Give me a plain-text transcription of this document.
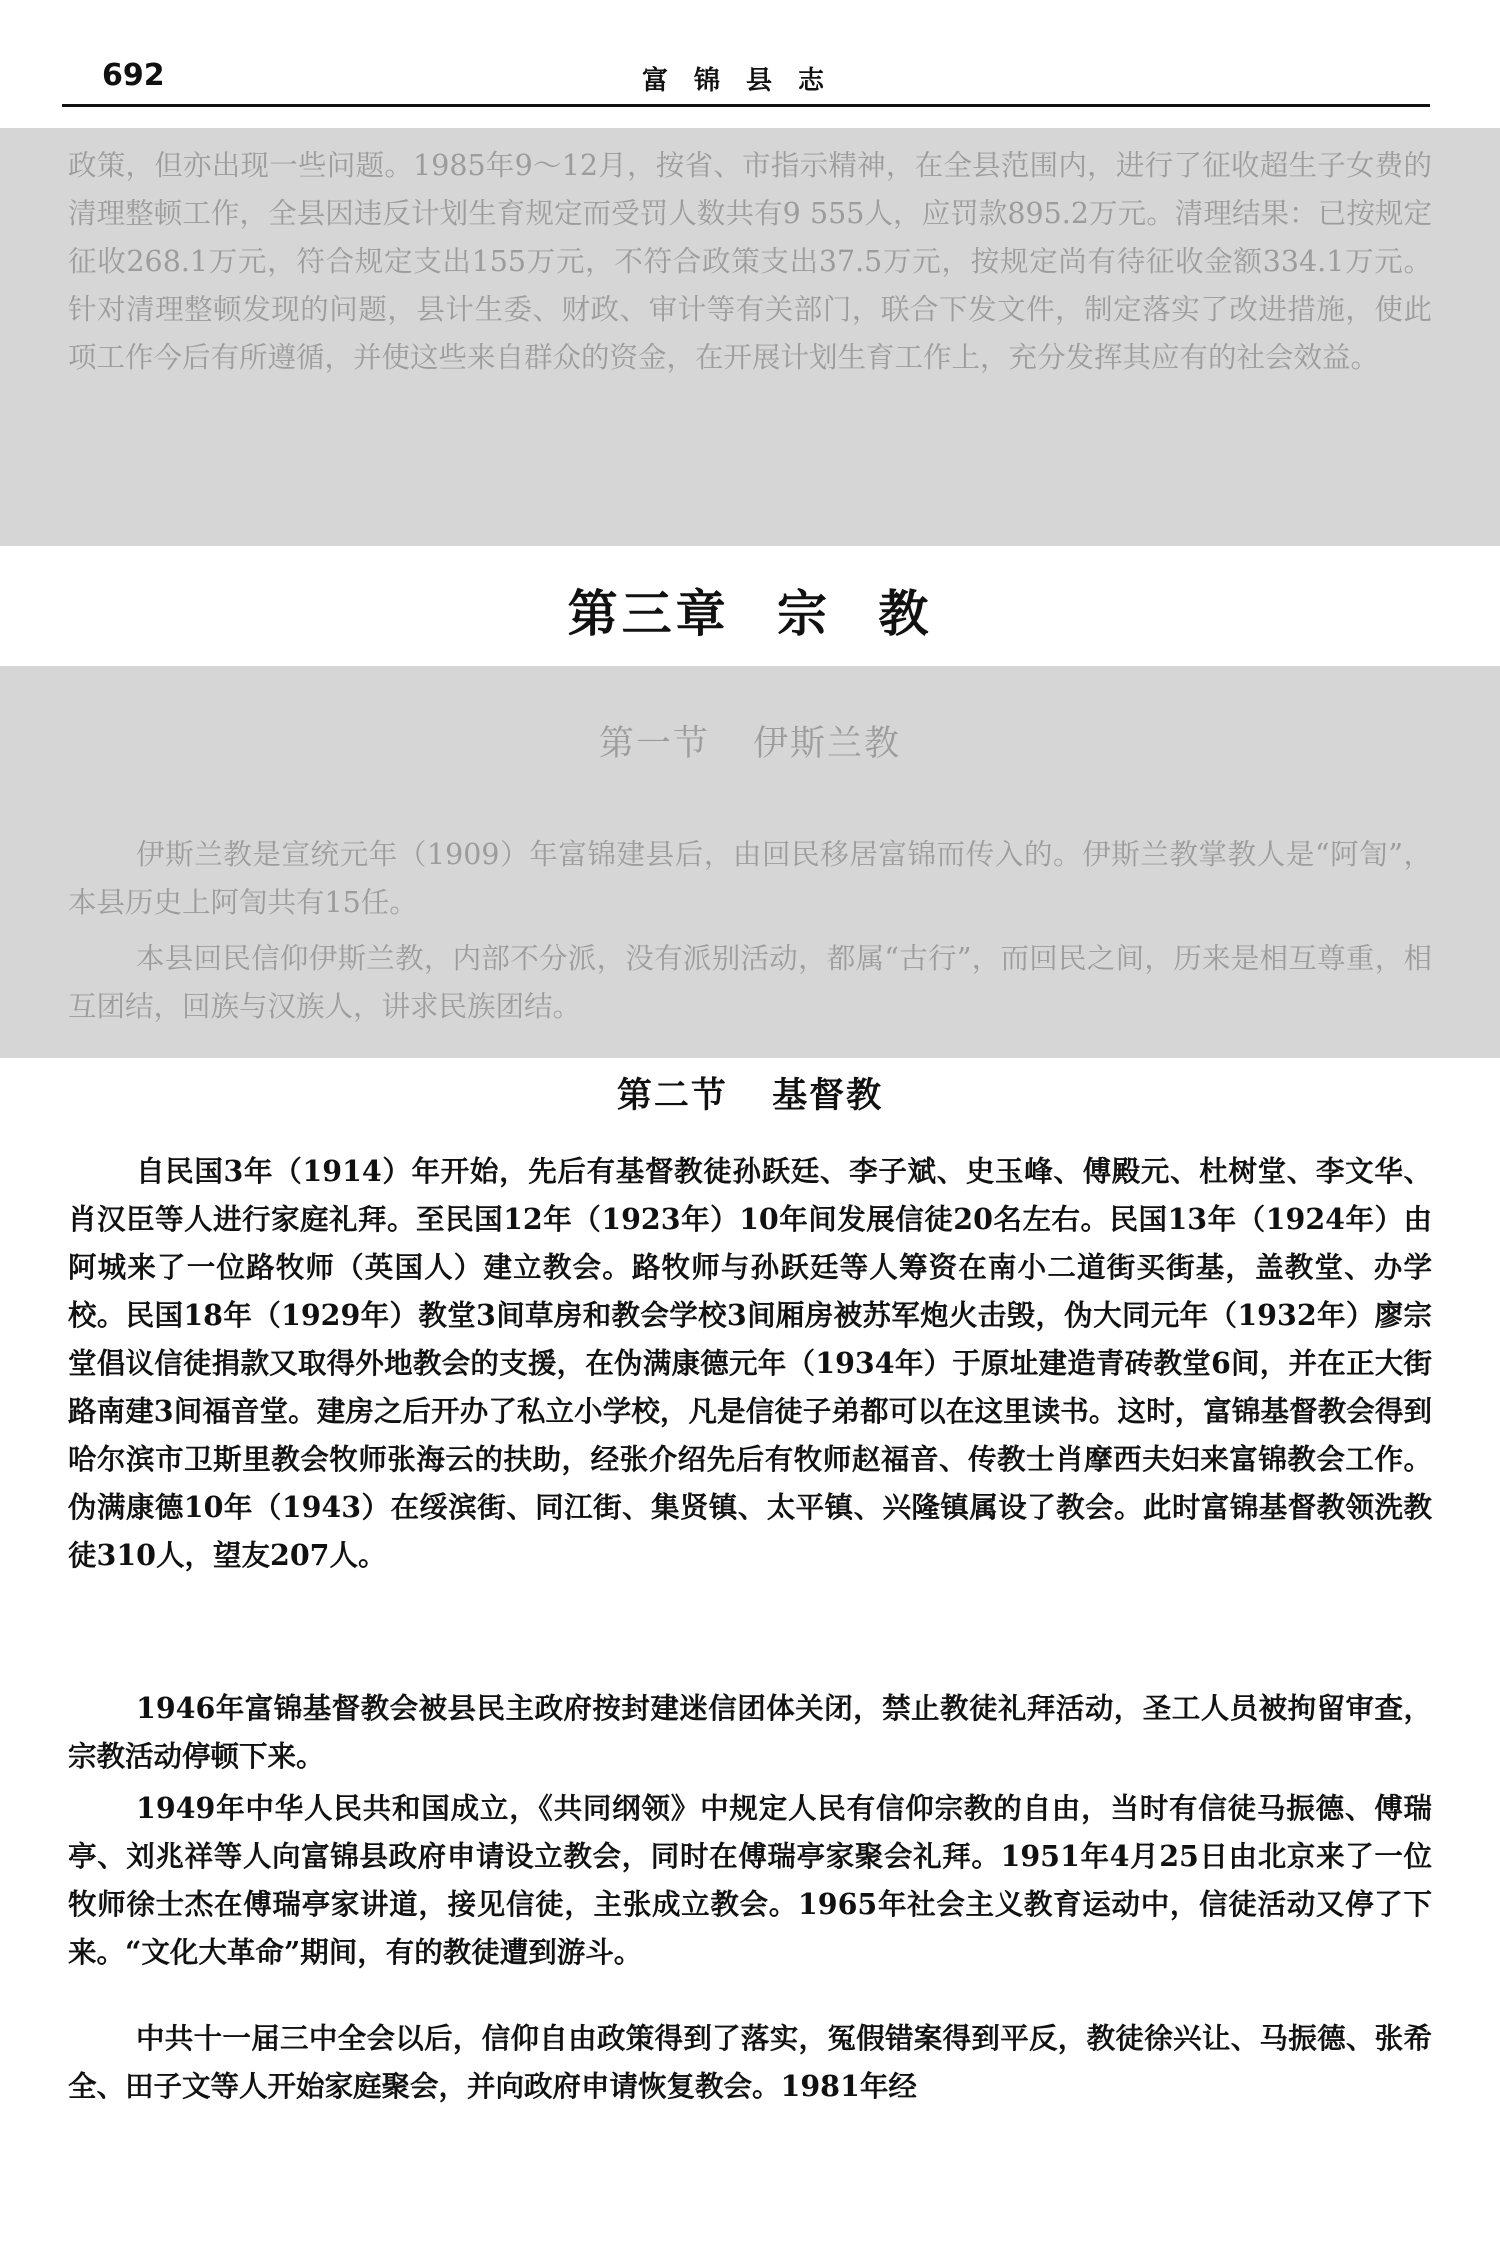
692	富锦县志

政策，但亦出现一些问题。1985年9～12月，按省、市指示精神，在全县范围内，进行了征收超生子女费的清理整顿工作，全县因违反计划生育规定而受罚人数共有9 555人，应罚款895.2万元。清理结果：已按规定征收268.1万元，符合规定支出155万元，不符合政策支出37.5万元，按规定尚有待征收金额334.1万元。针对清理整顿发现的问题，县计生委、财政、审计等有关部门，联合下发文件，制定落实了改进措施，使此项工作今后有所遵循，并使这些来自群众的资金，在开展计划生育工作上，充分发挥其应有的社会效益。

第三章 宗 教
第一节 伊斯兰教

伊斯兰教是宣统元年（1909）年富锦建县后，由回民移居富锦而传入的。伊斯兰教掌教人是“阿訇”，本县历史上阿訇共有15任。

本县回民信仰伊斯兰教，内部不分派，没有派别活动，都属“古行”，而回民之间，历来是相互尊重，相互团结，回族与汉族人，讲求民族团结。

第二节 基督教

自民国3年（1914）年开始，先后有基督教徒孙跃廷、李子斌、史玉峰、傅殿元、杜树堂、李文华、肖汉臣等人进行家庭礼拜。至民国12年（1923年）10年间发展信徒20名左右。民国13年（1924年）由阿城来了一位路牧师（英国人）建立教会。路牧师与孙跃廷等人筹资在南小二道街买街基，盖教堂、办学校。民国18年（1929年）教堂3间草房和教会学校3间厢房被苏军炮火击毁，伪大同元年（1932年）廖宗堂倡议信徒捐款又取得外地教会的支援，在伪满康德元年（1934年）于原址建造青砖教堂6间，并在正大街路南建3间福音堂。建房之后开办了私立小学校，凡是信徒子弟都可以在这里读书。这时，富锦基督教会得到哈尔滨市卫斯里教会牧师张海云的扶助，经张介绍先后有牧师赵福音、传教士肖摩西夫妇来富锦教会工作。伪满康德10年（1943）在绥滨街、同江街、集贤镇、太平镇、兴隆镇属设了教会。此时富锦基督教领洗教徒310人，望友207人。

1946年富锦基督教会被县民主政府按封建迷信团体关闭，禁止教徒礼拜活动，圣工人员被拘留审查，宗教活动停顿下来。

1949年中华人民共和国成立，《共同纲领》中规定人民有信仰宗教的自由，当时有信徒马振德、傅瑞亭、刘兆祥等人向富锦县政府申请设立教会，同时在傅瑞亭家聚会礼拜。1951年4月25日由北京来了一位牧师徐士杰在傅瑞亭家讲道，接见信徒，主张成立教会。1965年社会主义教育运动中，信徒活动又停了下来。“文化大革命”期间，有的教徒遭到游斗。

中共十一届三中全会以后，信仰自由政策得到了落实，冤假错案得到平反，教徒徐兴让、马振德、张希全、田子文等人开始家庭聚会，并向政府申请恢复教会。1981年经
